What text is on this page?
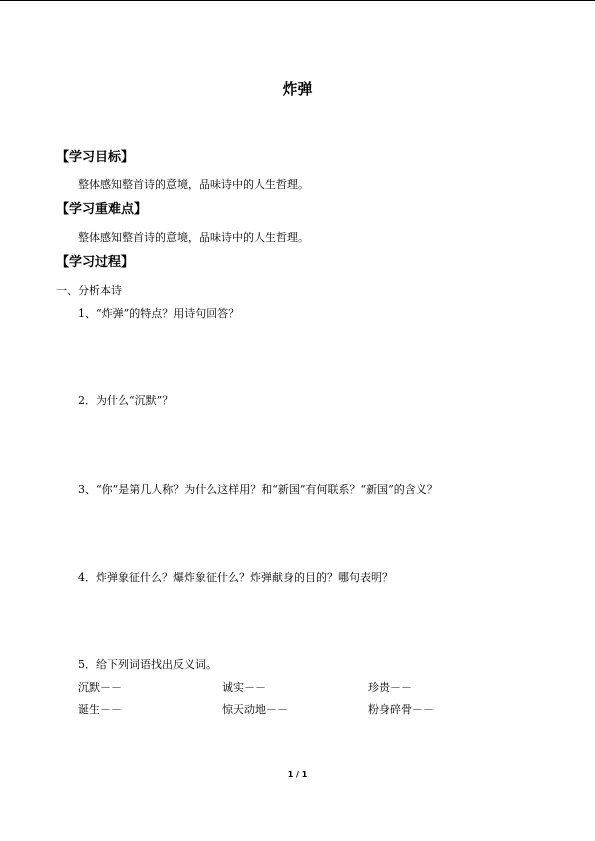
炸弹
【学习目标】
整体感知整首诗的意境，品味诗中的人生哲理。
【学习重难点】
整体感知整首诗的意境，品味诗中的人生哲理。
【学习过程】
一、分析本诗
1、“炸弹”的特点？用诗句回答？
2．为什么“沉默”？
3、“你”是第几人称？为什么这样用？和“新国”有何联系？“新国”的含义？
4．炸弹象征什么？爆炸象征什么？炸弹献身的目的？哪句表明？
5．给下列词语找出反义词。
沉默－－	诚实－－	珍贵－－
诞生－－	惊天动地－－	粉身碎骨－－
1 / 1
